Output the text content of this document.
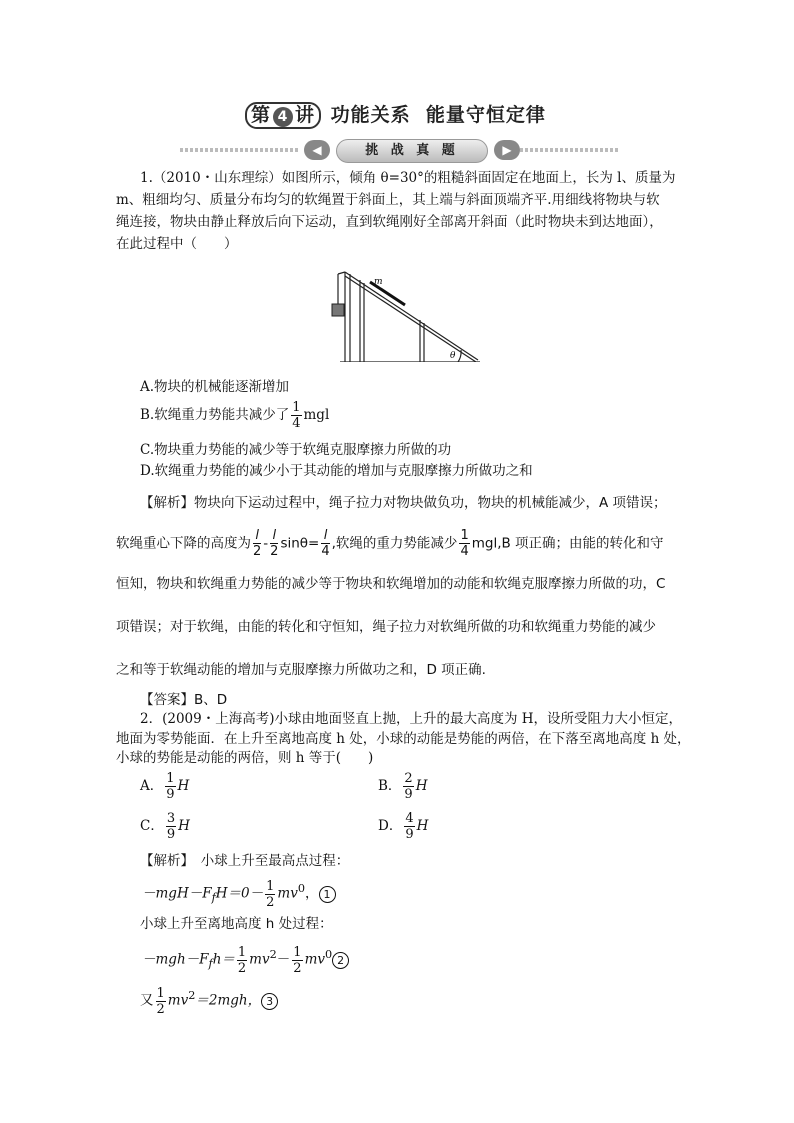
第 4 讲 功能关系  能量守恒定律
◀	挑 战 真 题	▶
1.（2010・山东理综）如图所示，倾角 θ=30°的粗糙斜面固定在地面上，长为 l、质量为
m、粗细均匀、质量分布均匀的软绳置于斜面上，其上端与斜面顶端齐平.用细线将物块与软
绳连接，物块由静止释放后向下运动，直到软绳刚好全部离开斜面（此时物块未到达地面），
在此过程中（　　）
m
θ
A.物块的机械能逐渐增加
B.软绳重力势能共减少了 $\frac{1}{4}$ mgl
C.物块重力势能的减少等于软绳克服摩擦力所做的功
D.软绳重力势能的减少小于其动能的增加与克服摩擦力所做功之和
【解析】物块向下运动过程中，绳子拉力对物块做负功，物块的机械能减少，A 项错误；
软绳重心下降的高度为 $\frac{l}{2} - \frac{l}{2} \sin\theta= \frac{l}{4}$ ,软绳的重力势能减少 $\frac{1}{4} mgl,B$ 项正确；由能的转化和守
恒知，物块和软绳重力势能的减少等于物块和软绳增加的动能和软绳克服摩擦力所做的功，C
项错误；对于软绳，由能的转化和守恒知，绳子拉力对软绳所做的功和软绳重力势能的减少
之和等于软绳动能的增加与克服摩擦力所做功之和，D 项正确.
【答案】B、D
2．(2009・上海高考)小球由地面竖直上抛，上升的最大高度为 H，设所受阻力大小恒定，
地面为零势能面．在上升至离地高度 h 处，小球的动能是势能的两倍，在下落至离地高度 h 处，
小球的势能是动能的两倍，则 h 等于(　　)
A． $\frac{1}{9}$ H	B． $\frac{2}{9}$ H
C． $\frac{3}{9}$ H	D． $\frac{4}{9}$ H
【解析】　小球上升至最高点过程：
$-mgH-F_fH=0- \frac{1}{2} mv^0$， 1
小球上升至离地高度 h 处过程：
$-mgh-F_fh= \frac{1}{2} mv^2- \frac{1}{2} mv^0$ 2
又 $\frac{1}{2} mv^2=2mgh$， 3
